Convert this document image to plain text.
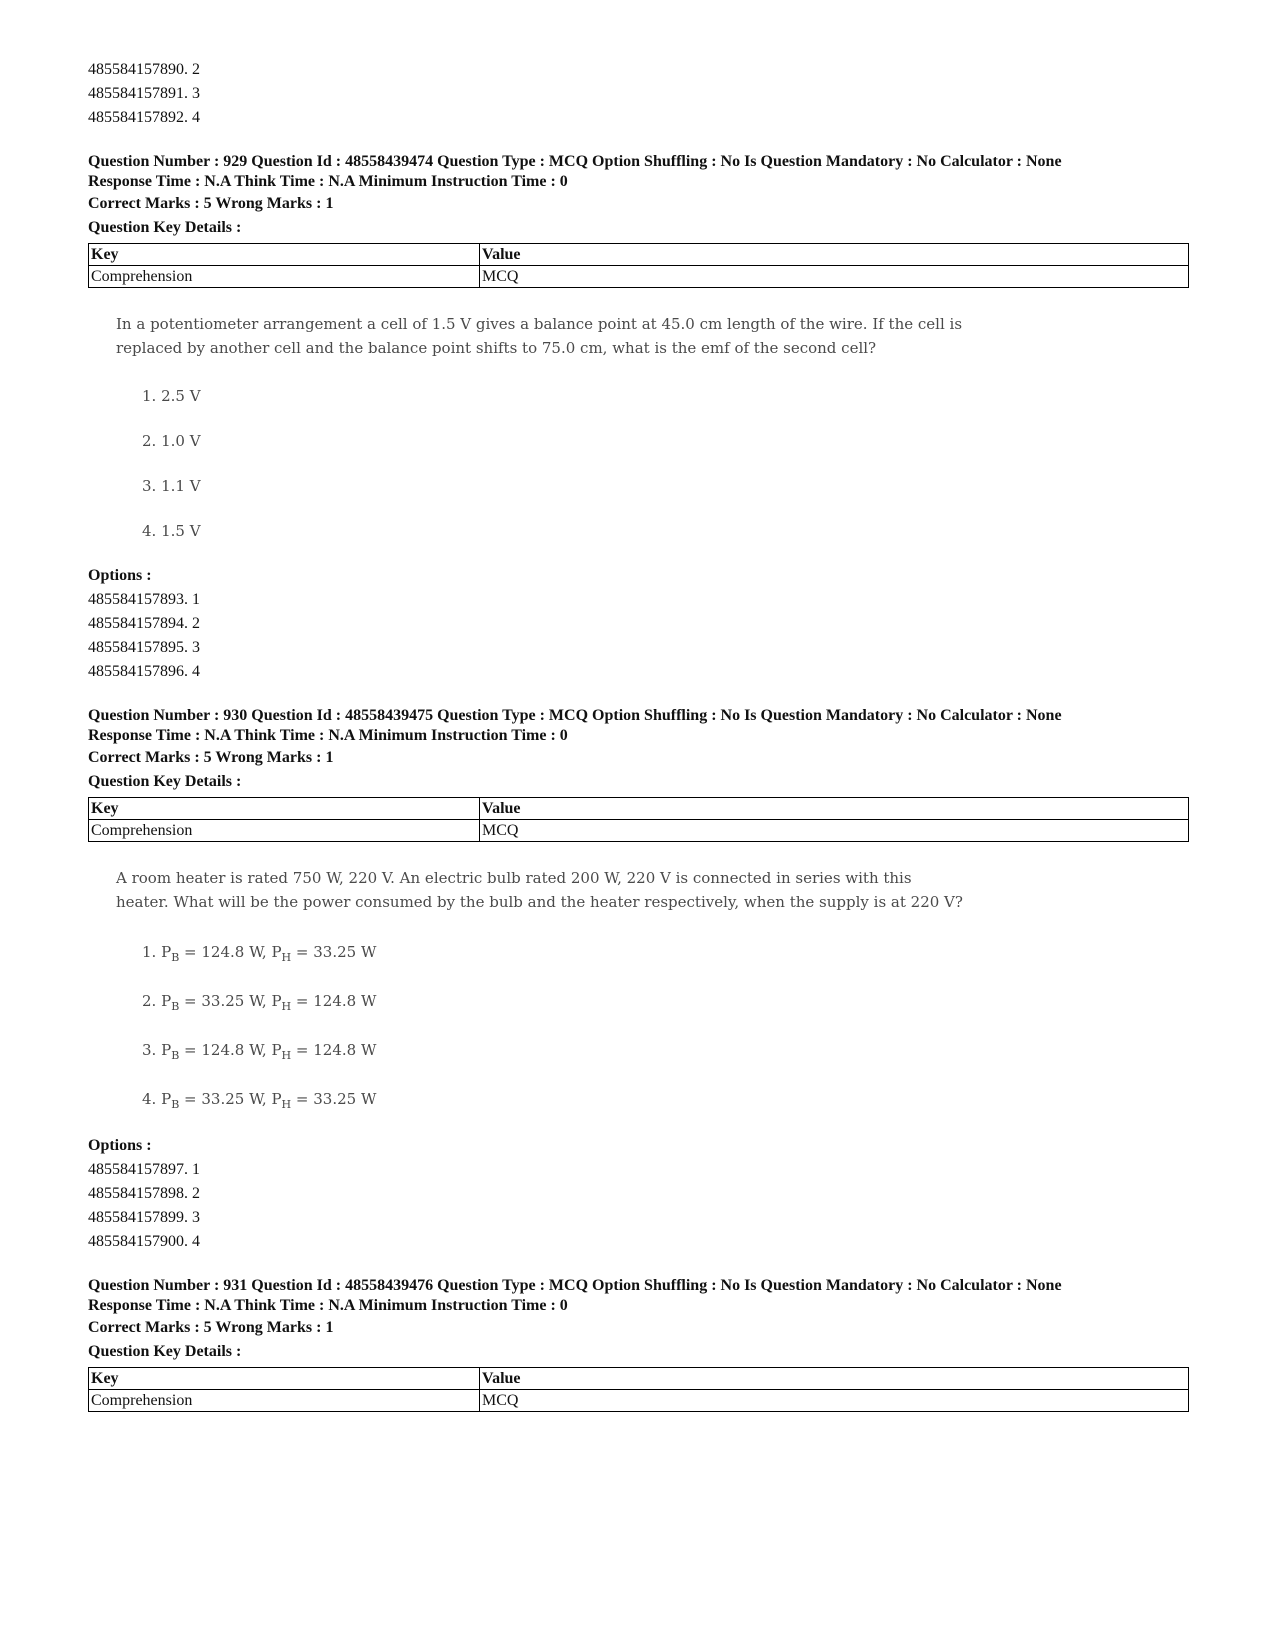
485584157890. 2
485584157891. 3
485584157892. 4
Question Number : 929 Question Id : 48558439474 Question Type : MCQ Option Shuffling : No Is Question Mandatory : No Calculator : None
Response Time : N.A Think Time : N.A Minimum Instruction Time : 0
Correct Marks : 5 Wrong Marks : 1
Question Key Details :
Key	Value
Comprehension	MCQ
In a potentiometer arrangement a cell of 1.5 V gives a balance point at 45.0 cm length of the wire. If the cell is
replaced by another cell and the balance point shifts to 75.0 cm, what is the emf of the second cell?
1. 2.5 V
2. 1.0 V
3. 1.1 V
4. 1.5 V
Options :
485584157893. 1
485584157894. 2
485584157895. 3
485584157896. 4
Question Number : 930 Question Id : 48558439475 Question Type : MCQ Option Shuffling : No Is Question Mandatory : No Calculator : None
Response Time : N.A Think Time : N.A Minimum Instruction Time : 0
Correct Marks : 5 Wrong Marks : 1
Question Key Details :
Key	Value
Comprehension	MCQ
A room heater is rated 750 W, 220 V. An electric bulb rated 200 W, 220 V is connected in series with this
heater. What will be the power consumed by the bulb and the heater respectively, when the supply is at 220 V?
1. $P_B = 124.8$ W, $P_H = 33.25$ W
2. $P_B = 33.25$ W, $P_H = 124.8$ W
3. $P_B = 124.8$ W, $P_H = 124.8$ W
4. $P_B = 33.25$ W, $P_H = 33.25$ W
Options :
485584157897. 1
485584157898. 2
485584157899. 3
485584157900. 4
Question Number : 931 Question Id : 48558439476 Question Type : MCQ Option Shuffling : No Is Question Mandatory : No Calculator : None
Response Time : N.A Think Time : N.A Minimum Instruction Time : 0
Correct Marks : 5 Wrong Marks : 1
Question Key Details :
Key	Value
Comprehension	MCQ
